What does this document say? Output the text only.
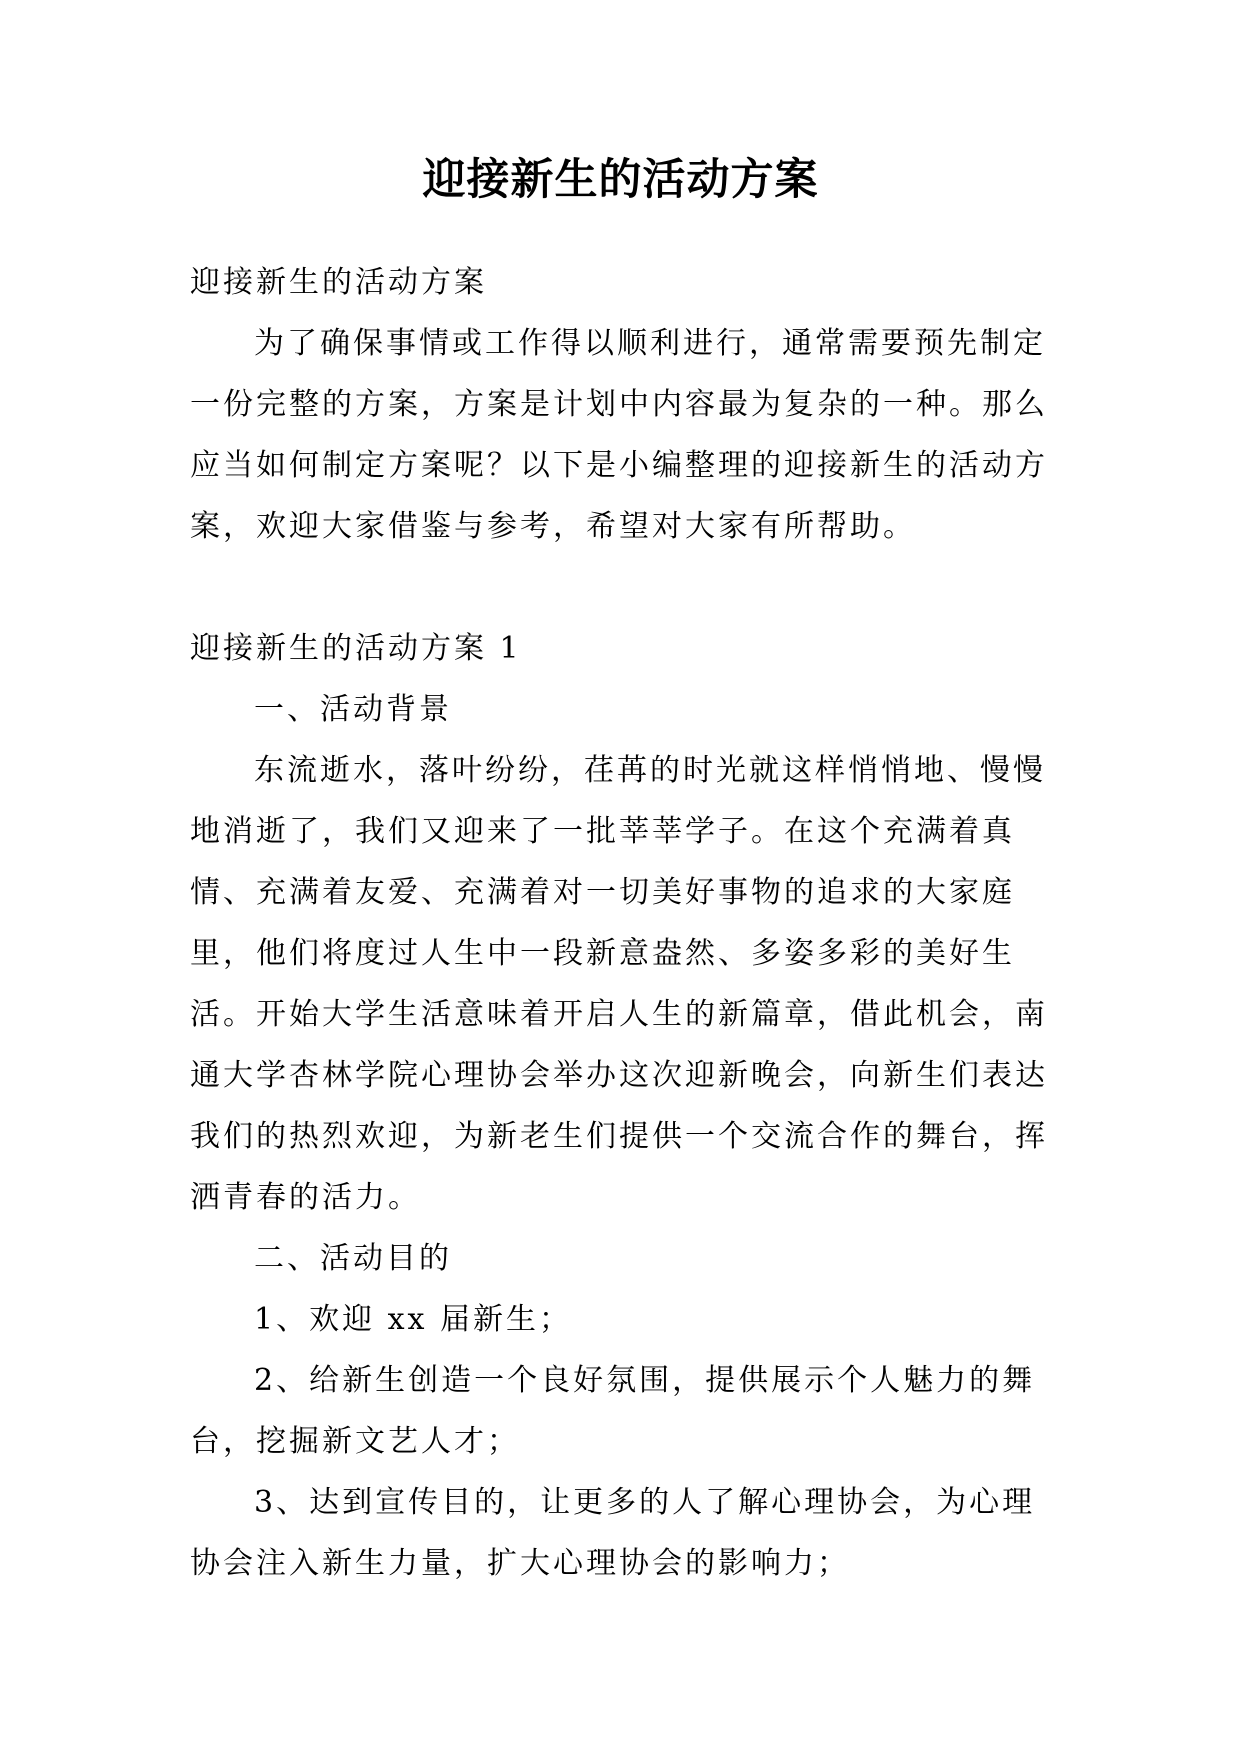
迎接新生的活动方案

迎接新生的活动方案

为了确保事情或工作得以顺利进行，通常需要预先制定一份完整的方案，方案是计划中内容最为复杂的一种。那么应当如何制定方案呢？以下是小编整理的迎接新生的活动方案，欢迎大家借鉴与参考，希望对大家有所帮助。

迎接新生的活动方案 1

一、活动背景

东流逝水，落叶纷纷，荏苒的时光就这样悄悄地、慢慢地消逝了，我们又迎来了一批莘莘学子。在这个充满着真情、充满着友爱、充满着对一切美好事物的追求的大家庭里，他们将度过人生中一段新意盎然、多姿多彩的美好生活。开始大学生活意味着开启人生的新篇章，借此机会，南通大学杏林学院心理协会举办这次迎新晚会，向新生们表达我们的热烈欢迎，为新老生们提供一个交流合作的舞台，挥洒青春的活力。

二、活动目的

1、欢迎 xx 届新生；

2、给新生创造一个良好氛围，提供展示个人魅力的舞台，挖掘新文艺人才；

3、达到宣传目的，让更多的人了解心理协会，为心理协会注入新生力量，扩大心理协会的影响力；
